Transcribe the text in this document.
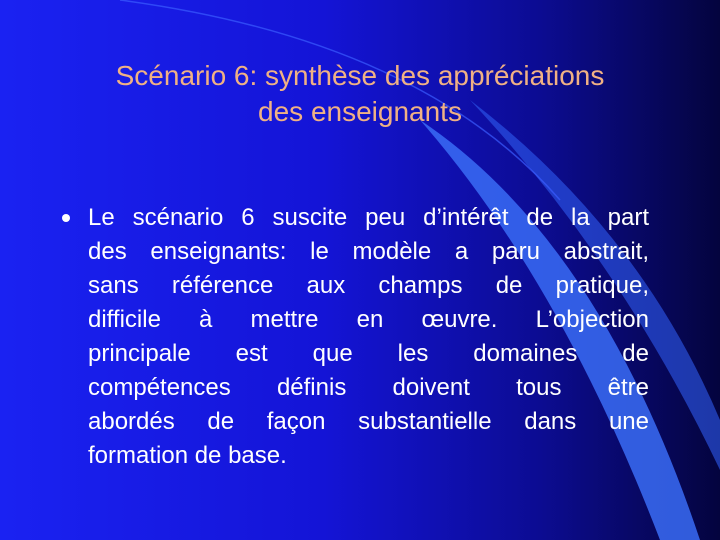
Scénario 6: synthèse des appréciations
des enseignants
Le scénario 6 suscite peu d’intérêt de la part
des enseignants: le modèle a paru abstrait,
sans référence aux champs de pratique,
difficile à mettre en œuvre. L’objection
principale est que les domaines de
compétences définis doivent tous être
abordés de façon substantielle dans une
formation de base.
